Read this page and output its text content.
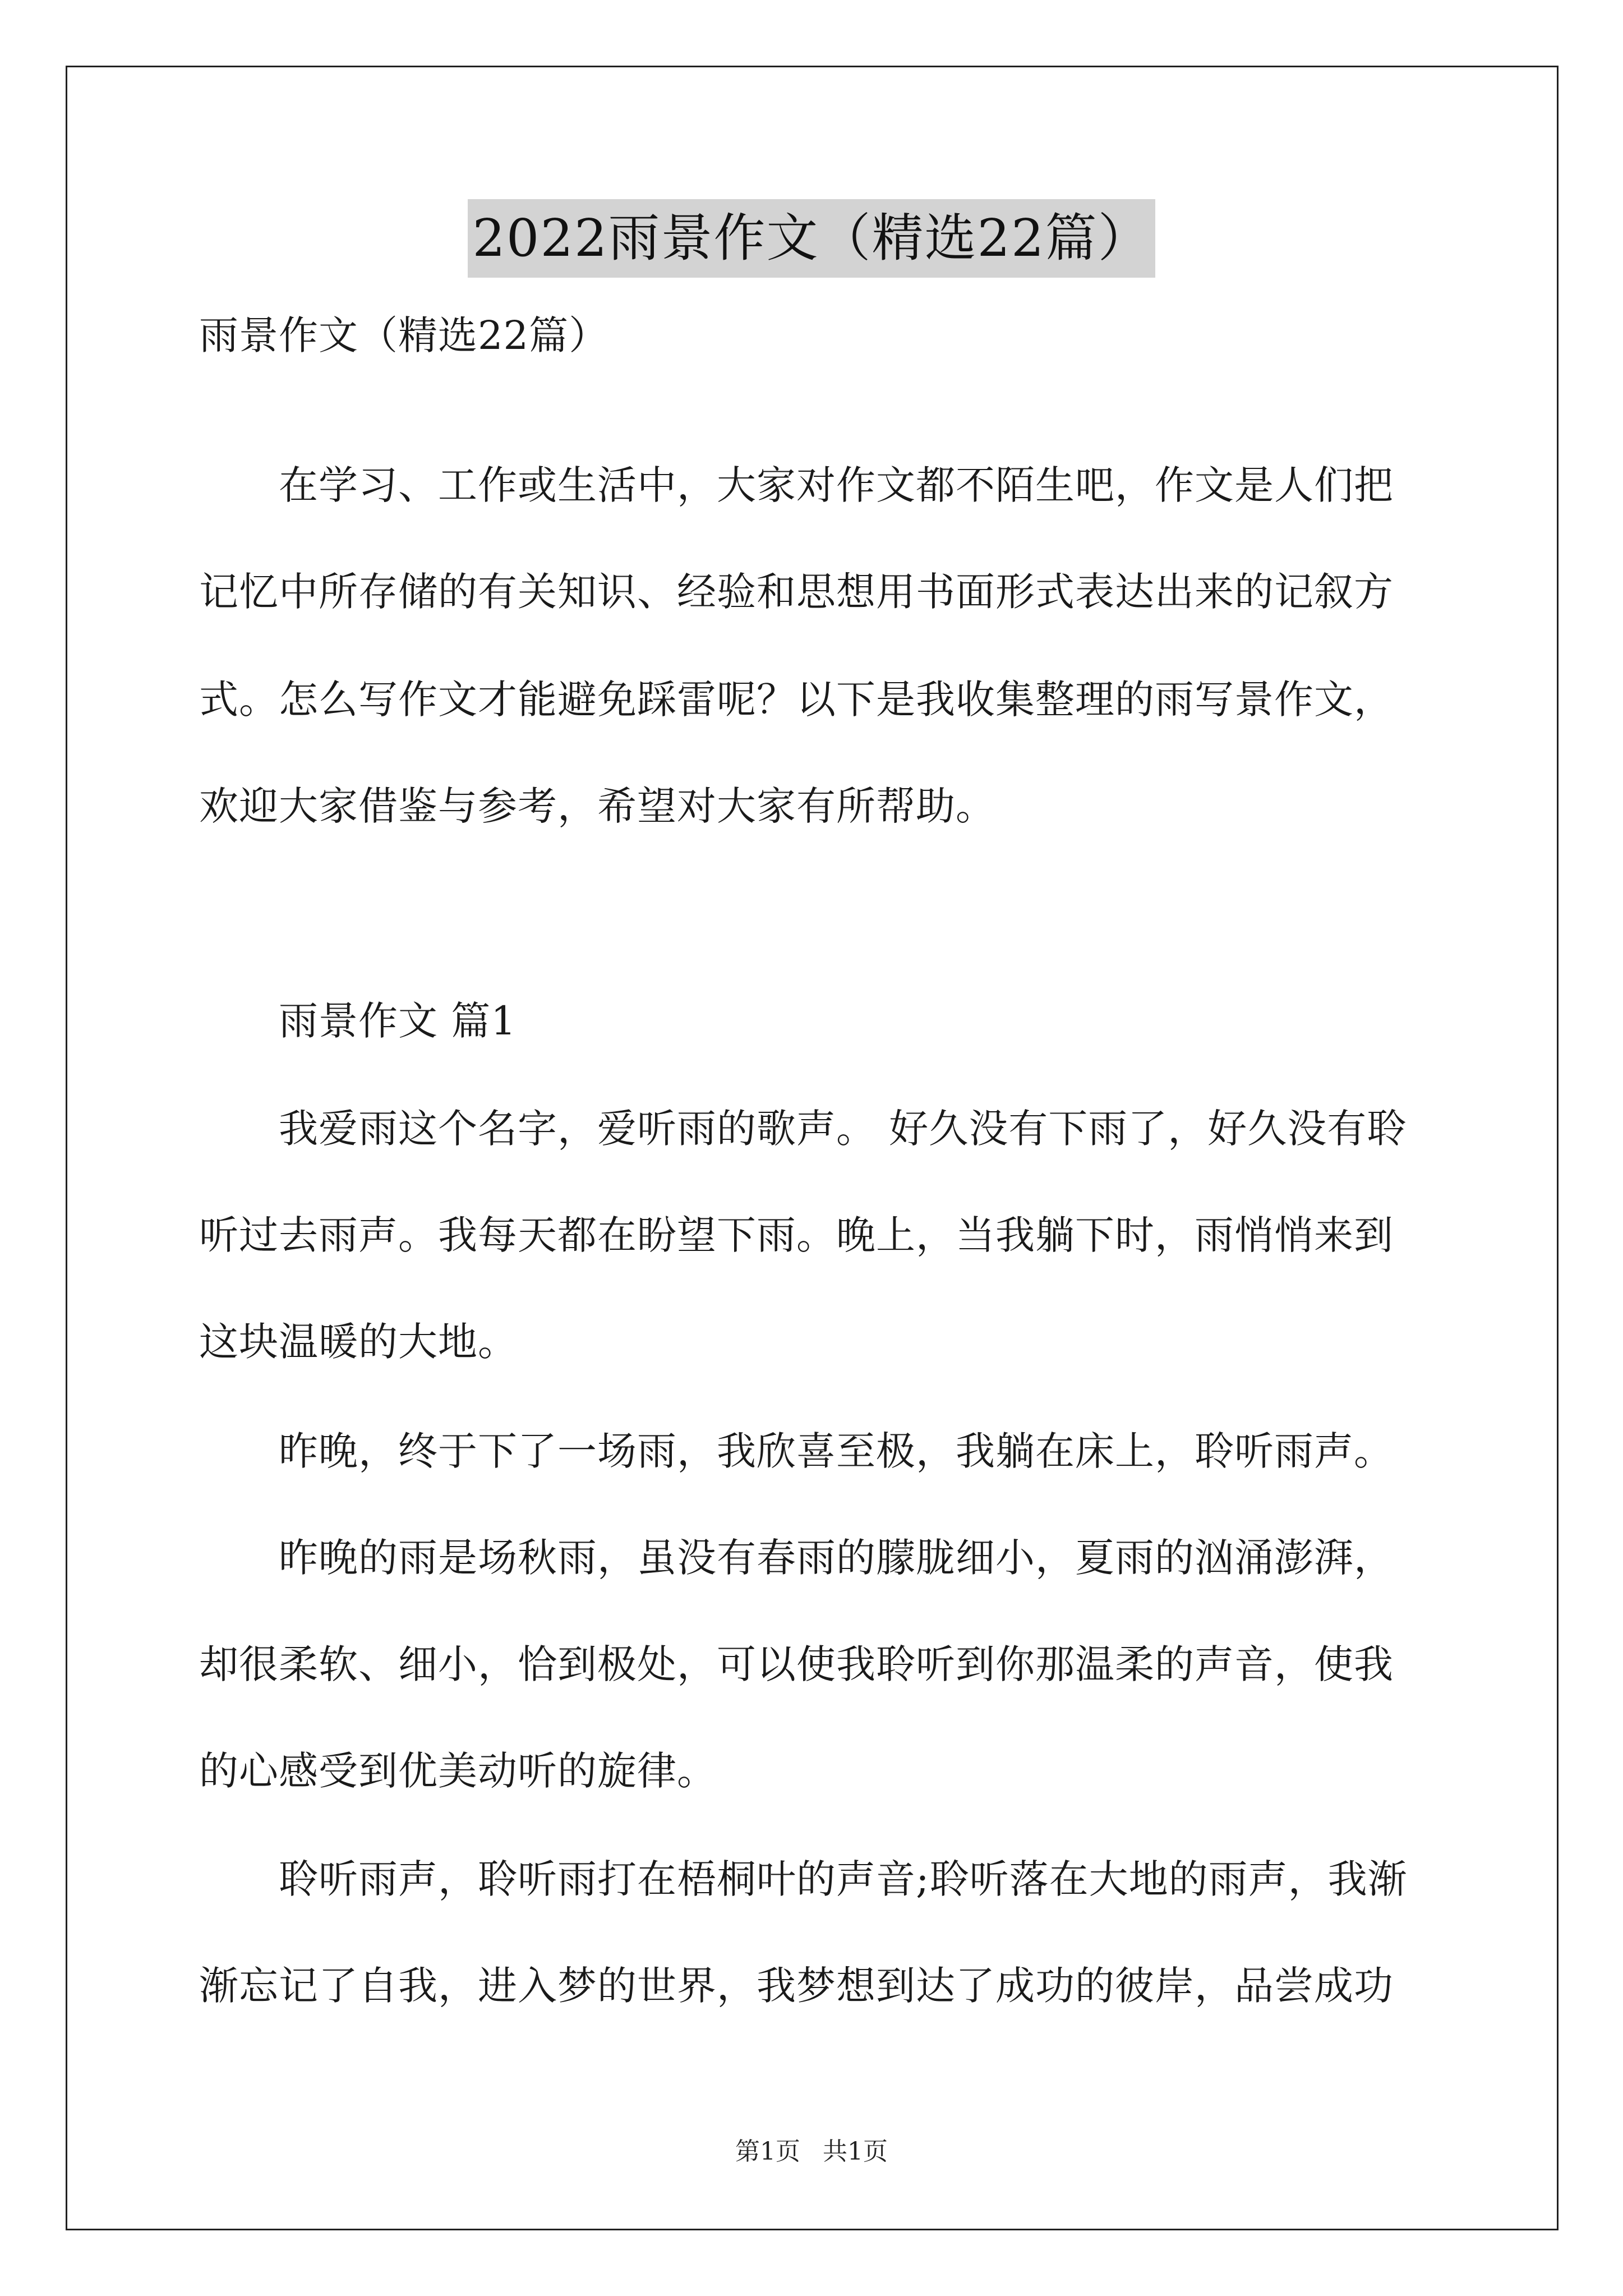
2022雨景作文（精选22篇）
雨景作文（精选22篇）
　　在学习、工作或生活中，大家对作文都不陌生吧，作文是人们把
记忆中所存储的有关知识、经验和思想用书面形式表达出来的记叙方
式。怎么写作文才能避免踩雷呢？以下是我收集整理的雨写景作文，
欢迎大家借鉴与参考，希望对大家有所帮助。
　　雨景作文 篇1
　　我爱雨这个名字，爱听雨的歌声。 好久没有下雨了，好久没有聆
听过去雨声。我每天都在盼望下雨。晚上，当我躺下时，雨悄悄来到
这块温暖的大地。
　　昨晚，终于下了一场雨，我欣喜至极，我躺在床上，聆听雨声。
　　昨晚的雨是场秋雨，虽没有春雨的朦胧细小，夏雨的汹涌澎湃，
却很柔软、细小，恰到极处，可以使我聆听到你那温柔的声音，使我
的心感受到优美动听的旋律。
　　聆听雨声，聆听雨打在梧桐叶的声音;聆听落在大地的雨声，我渐
渐忘记了自我，进入梦的世界，我梦想到达了成功的彼岸，品尝成功
第1页 共1页
